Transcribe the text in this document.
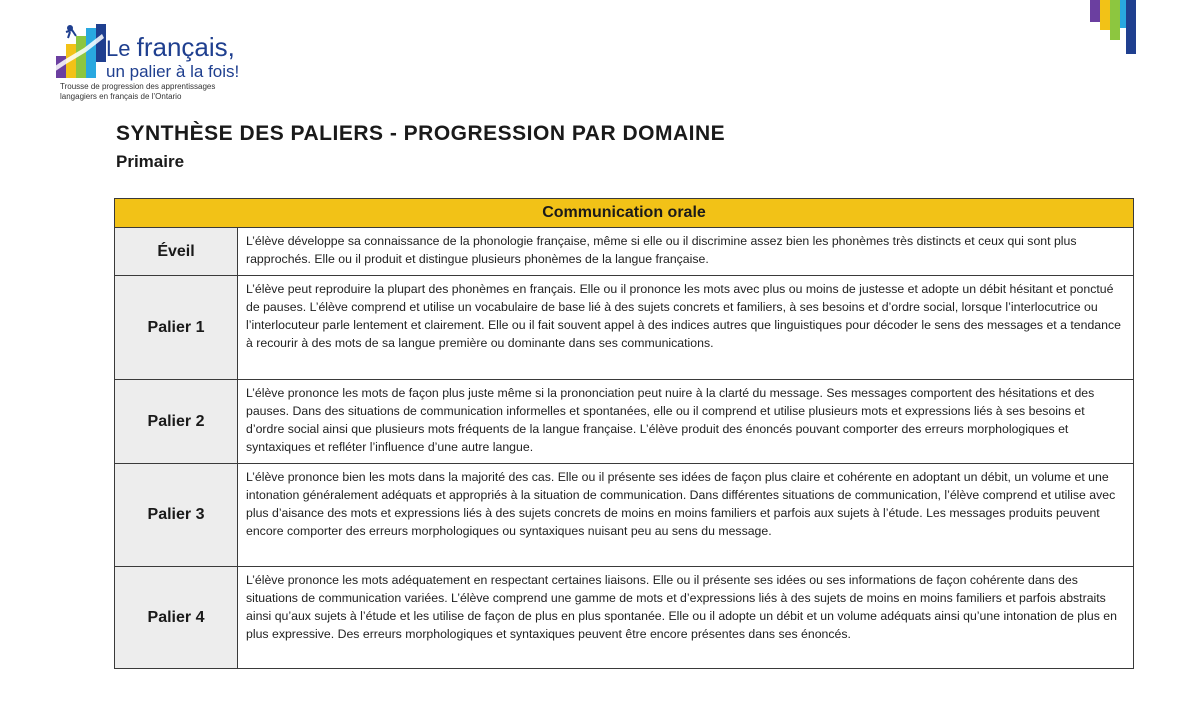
Le français,
un palier à la fois!
Trousse de progression des apprentissages
langagiers en français de l’Ontario
SYNTHÈSE DES PALIERS - PROGRESSION PAR DOMAINE
Primaire
Communication orale	
Éveil	L’élève développe sa connaissance de la phonologie française, même si elle ou il discrimine assez bien les phonèmes très distincts et ceux qui sont plus rapprochés. Elle ou il produit et distingue plusieurs phonèmes de la langue française.
Palier 1	L’élève peut reproduire la plupart des phonèmes en français. Elle ou il prononce les mots avec plus ou moins de justesse et adopte un débit hésitant et ponctué de pauses. L’élève comprend et utilise un vocabulaire de base lié à des sujets concrets et familiers, à ses besoins et d’ordre social, lorsque l’interlocutrice ou l’interlocuteur parle lentement et clairement. Elle ou il fait souvent appel à des indices autres que linguistiques pour décoder le sens des messages et a tendance à recourir à des mots de sa langue première ou dominante dans ses communications.
Palier 2	L’élève prononce les mots de façon plus juste même si la prononciation peut nuire à la clarté du message. Ses messages comportent des hésitations et des pauses. Dans des situations de communication informelles et spontanées, elle ou il comprend et utilise plusieurs mots et expressions liés à ses besoins et d’ordre social ainsi que plusieurs mots fréquents de la langue française. L’élève produit des énoncés pouvant comporter des erreurs morphologiques et syntaxiques et refléter l’influence d’une autre langue.
Palier 3	L’élève prononce bien les mots dans la majorité des cas. Elle ou il présente ses idées de façon plus claire et cohérente en adoptant un débit, un volume et une intonation généralement adéquats et appropriés à la situation de communication. Dans différentes situations de communication, l’élève comprend et utilise avec plus d’aisance des mots et expressions liés à des sujets concrets de moins en moins familiers et parfois aux sujets à l’étude. Les messages produits peuvent encore comporter des erreurs morphologiques ou syntaxiques nuisant peu au sens du message.
Palier 4	L’élève prononce les mots adéquatement en respectant certaines liaisons. Elle ou il présente ses idées ou ses informations de façon cohérente dans des situations de communication variées. L’élève comprend une gamme de mots et d’expressions liés à des sujets de moins en moins familiers et parfois abstraits ainsi qu’aux sujets à l’étude et les utilise de façon de plus en plus spontanée. Elle ou il adopte un débit et un volume adéquats ainsi qu’une intonation de plus en plus expressive. Des erreurs morphologiques et syntaxiques peuvent être encore présentes dans ses énoncés.
